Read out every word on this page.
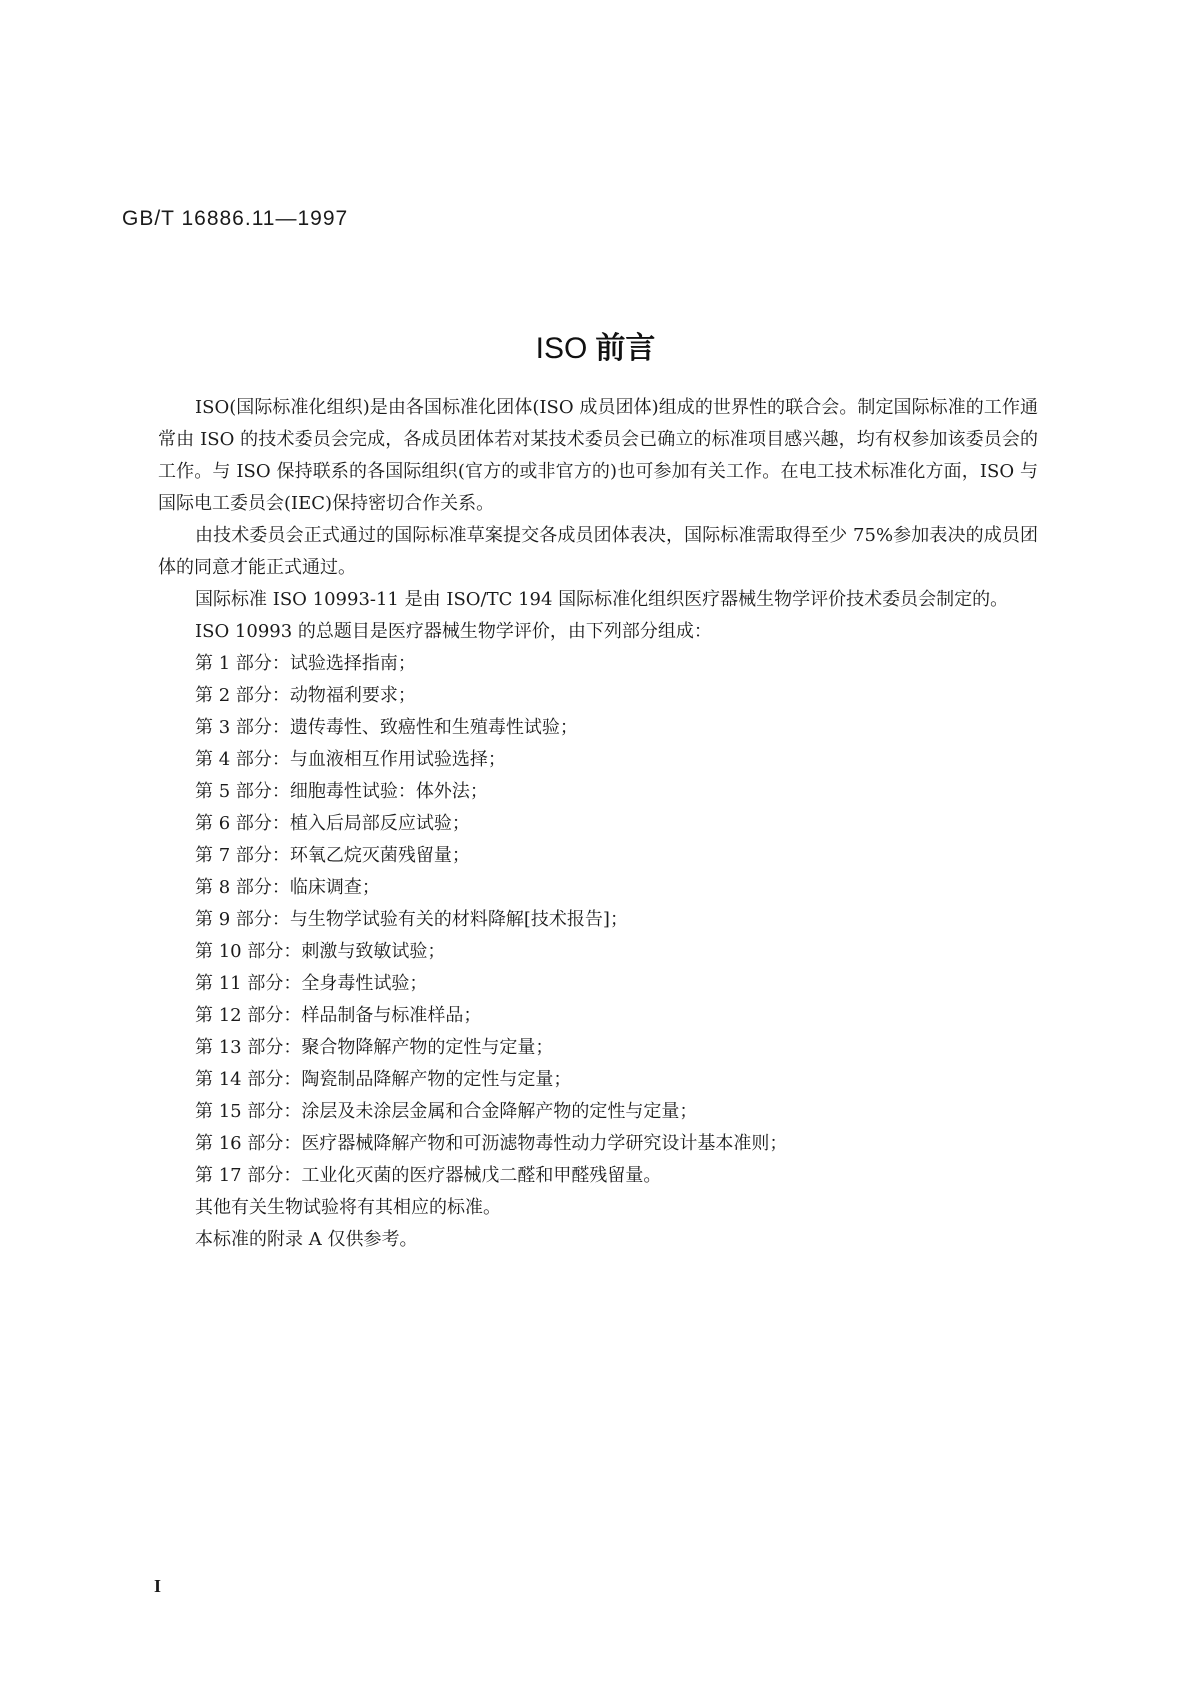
GB/T 16886.11—1997
ISO 前言

ISO(国际标准化组织)是由各国标准化团体(ISO 成员团体)组成的世界性的联合会。制定国际标准的工作通常由 ISO 的技术委员会完成，各成员团体若对某技术委员会已确立的标准项目感兴趣，均有权参加该委员会的工作。与 ISO 保持联系的各国际组织(官方的或非官方的)也可参加有关工作。在电工技术标准化方面，ISO 与国际电工委员会(IEC)保持密切合作关系。

由技术委员会正式通过的国际标准草案提交各成员团体表决，国际标准需取得至少 75%参加表决的成员团体的同意才能正式通过。

国际标准 ISO 10993-11 是由 ISO/TC 194 国际标准化组织医疗器械生物学评价技术委员会制定的。

ISO 10993 的总题目是医疗器械生物学评价，由下列部分组成：

第 1 部分：试验选择指南；
第 2 部分：动物福利要求；
第 3 部分：遗传毒性、致癌性和生殖毒性试验；
第 4 部分：与血液相互作用试验选择；
第 5 部分：细胞毒性试验：体外法；
第 6 部分：植入后局部反应试验；
第 7 部分：环氧乙烷灭菌残留量；
第 8 部分：临床调查；
第 9 部分：与生物学试验有关的材料降解[技术报告]；
第 10 部分：刺激与致敏试验；
第 11 部分：全身毒性试验；
第 12 部分：样品制备与标准样品；
第 13 部分：聚合物降解产物的定性与定量；
第 14 部分：陶瓷制品降解产物的定性与定量；
第 15 部分：涂层及未涂层金属和合金降解产物的定性与定量；
第 16 部分：医疗器械降解产物和可沥滤物毒性动力学研究设计基本准则；
第 17 部分：工业化灭菌的医疗器械戊二醛和甲醛残留量。

其他有关生物试验将有其相应的标准。

本标准的附录 A 仅供参考。

I
